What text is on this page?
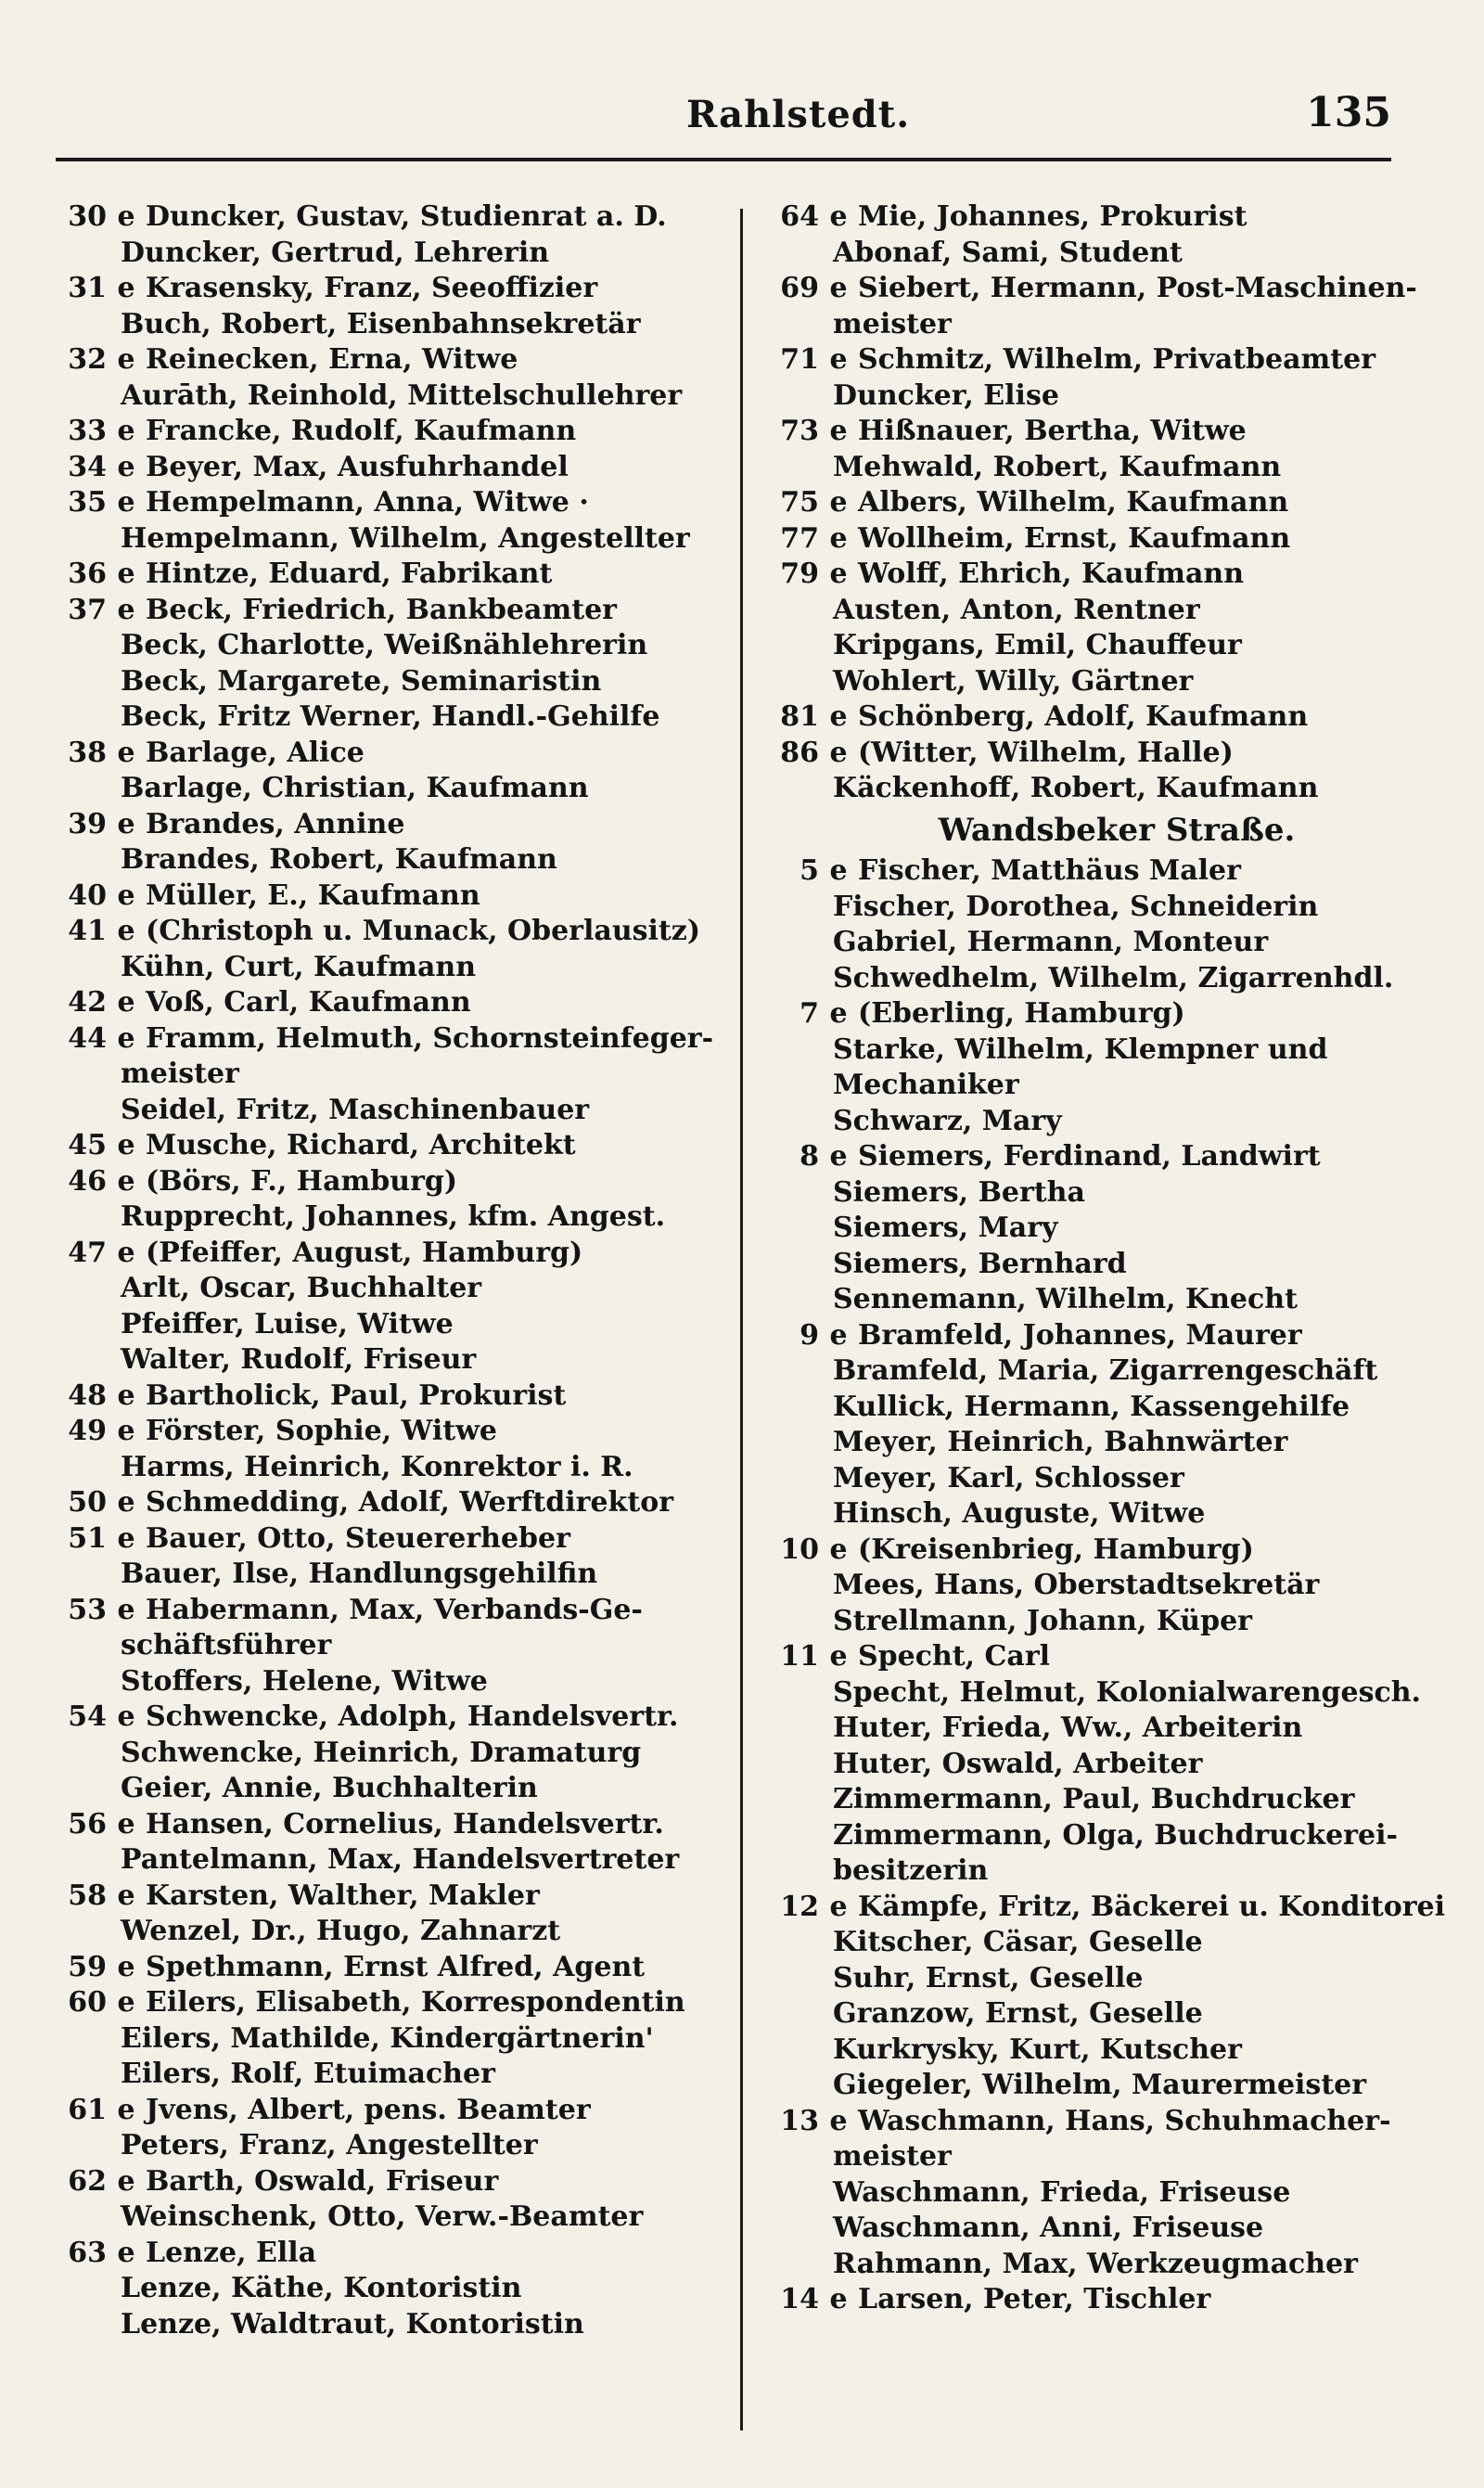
Rahlstedt.	135
30 e Duncker, Gustav, Studienrat a. D.
Duncker, Gertrud, Lehrerin
31 e Krasensky, Franz, Seeoffizier
Buch, Robert, Eisenbahnsekretär
32 e Reinecken, Erna, Witwe
Aurāth, Reinhold, Mittelschullehrer
33 e Francke, Rudolf, Kaufmann
34 e Beyer, Max, Ausfuhrhandel
35 e Hempelmann, Anna, Witwe ·
Hempelmann, Wilhelm, Angestellter
36 e Hintze, Eduard, Fabrikant
37 e Beck, Friedrich, Bankbeamter
Beck, Charlotte, Weißnählehrerin
Beck, Margarete, Seminaristin
Beck, Fritz Werner, Handl.-Gehilfe
38 e Barlage, Alice
Barlage, Christian, Kaufmann
39 e Brandes, Annine
Brandes, Robert, Kaufmann
40 e Müller, E., Kaufmann
41 e (Christoph u. Munack, Oberlausitz)
Kühn, Curt, Kaufmann
42 e Voß, Carl, Kaufmann
44 e Framm, Helmuth, Schornsteinfeger-
meister
Seidel, Fritz, Maschinenbauer
45 e Musche, Richard, Architekt
46 e (Börs, F., Hamburg)
Rupprecht, Johannes, kfm. Angest.
47 e (Pfeiffer, August, Hamburg)
Arlt, Oscar, Buchhalter
Pfeiffer, Luise, Witwe
Walter, Rudolf, Friseur
48 e Bartholick, Paul, Prokurist
49 e Förster, Sophie, Witwe
Harms, Heinrich, Konrektor i. R.
50 e Schmedding, Adolf, Werftdirektor
51 e Bauer, Otto, Steuererheber
Bauer, Ilse, Handlungsgehilfin
53 e Habermann, Max, Verbands-Ge-
schäftsführer
Stoffers, Helene, Witwe
54 e Schwencke, Adolph, Handelsvertr.
Schwencke, Heinrich, Dramaturg
Geier, Annie, Buchhalterin
56 e Hansen, Cornelius, Handelsvertr.
Pantelmann, Max, Handelsvertreter
58 e Karsten, Walther, Makler
Wenzel, Dr., Hugo, Zahnarzt
59 e Spethmann, Ernst Alfred, Agent
60 e Eilers, Elisabeth, Korrespondentin
Eilers, Mathilde, Kindergärtnerin'
Eilers, Rolf, Etuimacher
61 e Jvens, Albert, pens. Beamter
Peters, Franz, Angestellter
62 e Barth, Oswald, Friseur
Weinschenk, Otto, Verw.-Beamter
63 e Lenze, Ella
Lenze, Käthe, Kontoristin
Lenze, Waldtraut, Kontoristin
64 e Mie, Johannes, Prokurist
Abonaf, Sami, Student
69 e Siebert, Hermann, Post-Maschinen-
meister
71 e Schmitz, Wilhelm, Privatbeamter
Duncker, Elise
73 e Hißnauer, Bertha, Witwe
Mehwald, Robert, Kaufmann
75 e Albers, Wilhelm, Kaufmann
77 e Wollheim, Ernst, Kaufmann
79 e Wolff, Ehrich, Kaufmann
Austen, Anton, Rentner
Kripgans, Emil, Chauffeur
Wohlert, Willy, Gärtner
81 e Schönberg, Adolf, Kaufmann
86 e (Witter, Wilhelm, Halle)
Käckenhoff, Robert, Kaufmann
Wandsbeker Straße.
5 e Fischer, Matthäus Maler
Fischer, Dorothea, Schneiderin
Gabriel, Hermann, Monteur
Schwedhelm, Wilhelm, Zigarrenhdl.
7 e (Eberling, Hamburg)
Starke, Wilhelm, Klempner und
Mechaniker
Schwarz, Mary
8 e Siemers, Ferdinand, Landwirt
Siemers, Bertha
Siemers, Mary
Siemers, Bernhard
Sennemann, Wilhelm, Knecht
9 e Bramfeld, Johannes, Maurer
Bramfeld, Maria, Zigarrengeschäft
Kullick, Hermann, Kassengehilfe
Meyer, Heinrich, Bahnwärter
Meyer, Karl, Schlosser
Hinsch, Auguste, Witwe
10 e (Kreisenbrieg, Hamburg)
Mees, Hans, Oberstadtsekretär
Strellmann, Johann, Küper
11 e Specht, Carl
Specht, Helmut, Kolonialwarengesch.
Huter, Frieda, Ww., Arbeiterin
Huter, Oswald, Arbeiter
Zimmermann, Paul, Buchdrucker
Zimmermann, Olga, Buchdruckerei-
besitzerin
12 e Kämpfe, Fritz, Bäckerei u. Konditorei
Kitscher, Cäsar, Geselle
Suhr, Ernst, Geselle
Granzow, Ernst, Geselle
Kurkrysky, Kurt, Kutscher
Giegeler, Wilhelm, Maurermeister
13 e Waschmann, Hans, Schuhmacher-
meister
Waschmann, Frieda, Friseuse
Waschmann, Anni, Friseuse
Rahmann, Max, Werkzeugmacher
14 e Larsen, Peter, Tischler
